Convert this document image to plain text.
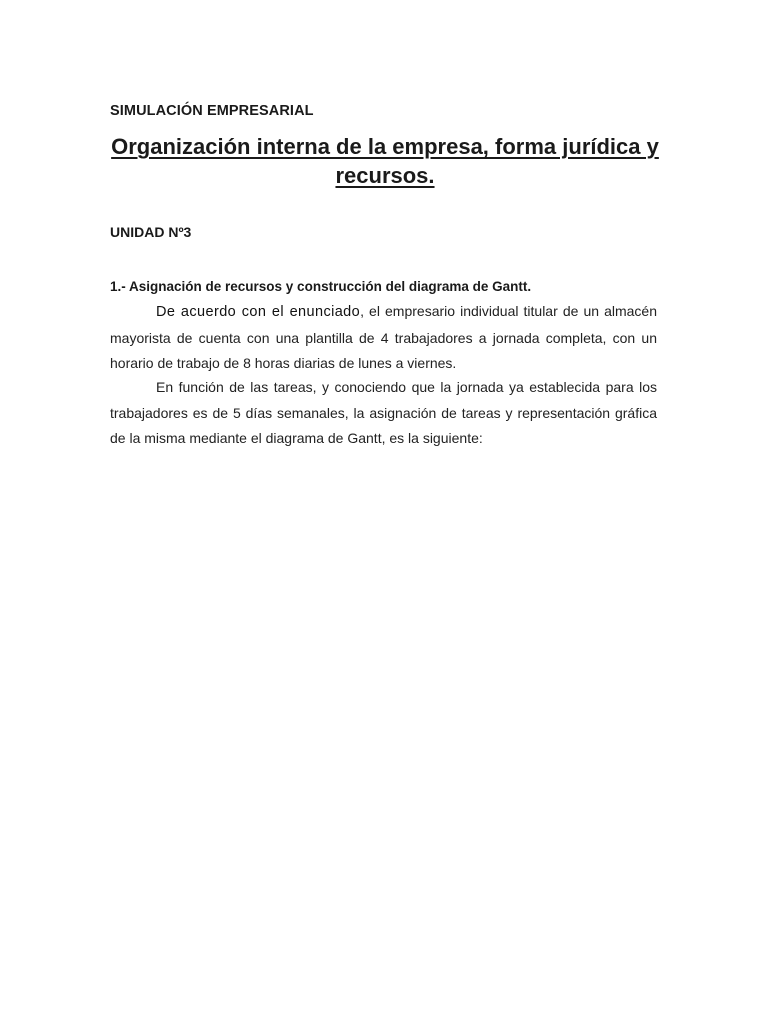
SIMULACIÓN EMPRESARIAL
Organización interna de la empresa, forma jurídica y recursos.
UNIDAD Nº3
1.- Asignación de recursos y construcción del diagrama de Gantt.

De acuerdo con el enunciado, el empresario individual titular de un almacén mayorista de cuenta con una plantilla de 4 trabajadores a jornada completa, con un horario de trabajo de 8 horas diarias de lunes a viernes.

En función de las tareas, y conociendo que la jornada ya establecida para los trabajadores es de 5 días semanales, la asignación de tareas y representación gráfica de la misma mediante el diagrama de Gantt, es la siguiente:
